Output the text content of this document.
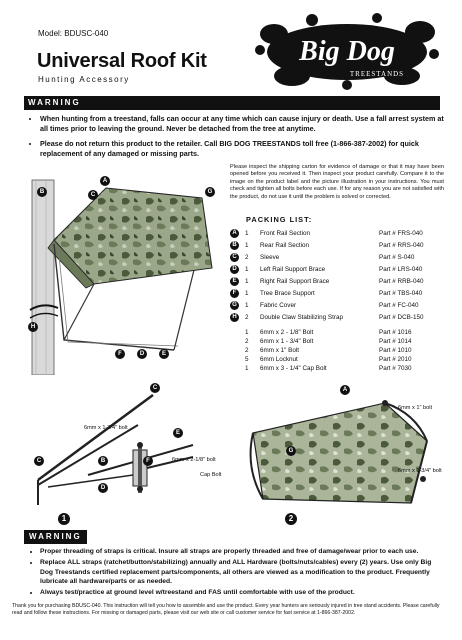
Model: BDUSC-040
Universal Roof Kit
Hunting Accessory
Big Dog
TREESTANDS
WARNING
• When hunting from a treestand, falls can occur at any time which can cause injury or death. Use a fall arrest system at all times prior to leaving the ground. Never be detached from the tree at anytime.
• Please do not return this product to the retailer. Call BIG DOG TREESTANDS toll free (1-866-387-2002) for quick replacement of any damaged or missing parts.
Please inspect the shipping carton for evidence of damage or that it may have been opened before you received it. Then inspect your product carefully. Compare it to the image on the product label and the picture illustration in your instructions. You must check and tighten all bolts before each use. If for any reason you are not satisfied with the product, do not use it until the problem is solved or corrected.
PACKING LIST:
A	1 Front Rail Section	Part # FRS-040
B	1 Rear Rail Section	Part # RRS-040
C	2 Sleeve	Part # S-040
D	1 Left Rail Support Brace	Part # LRS-040
E	1 Right Rail Support Brace	Part # RRB-040
F	1 Tree Brace Support	Part # TBS-040
G	1 Fabric Cover	Part # FC-040
H	2 Double Claw Stabilizing Strap	Part # DCB-150
1 6mm x 2 - 1/8" Bolt	Part # 1016
2 6mm x 1 - 3/4" Bolt	Part # 1014
2 6mm x 1" Bolt	Part # 1010
5 6mm Locknut	Part # 2010
1 6mm x 3 - 1/4" Cap Bolt	Part # 7030
A
B	C	G
H
F	D	E
C
E
C	B	F
D
6mm x 1-3/4" bolt
6mm x 2-1/8" bolt
Cap Bolt
1
A
G
6mm x 1" bolt
6mm x 1-3/4" bolt
2
WARNING
• Proper threading of straps is critical. Insure all straps are properly threaded and free of damage/wear prior to each use.
• Replace ALL straps (ratchet/button/stabilizing) annually and ALL Hardware (bolts/nuts/cables) every (2) years. Use only Big Dog Treestands certified replacement parts/components, all others are viewed as a modification to the product. Frequently lubricate all hardware/parts or as needed.
• Always test/practice at ground level w/treestand and FAS until comfortable with use of the product.
Thank you for purchasing BDUSC-040. This instruction will tell you how to assemble and use the product. Every year hunters are seriously injured in tree stand accidents. Please carefully read and follow these instructions. For missing or damaged parts, please visit our web site or call customer service for fast service at 1-866-387-2002.
